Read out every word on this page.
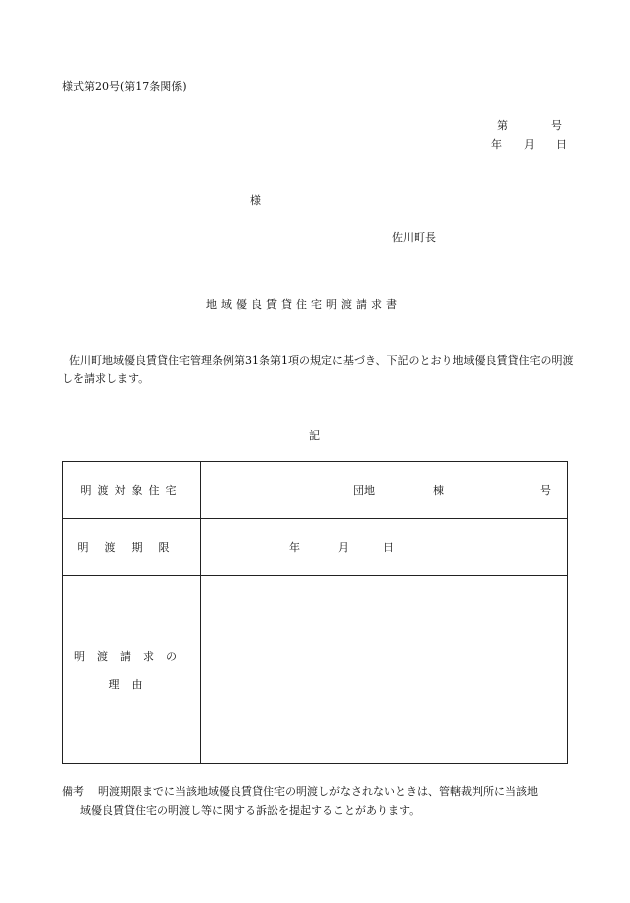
様式第20号(第17条関係)
第	号
年 月 日
様
佐川町長
地域優良賃貸住宅明渡請求書
佐川町地域優良賃貸住宅管理条例第31条第1項の規定に基づき、下記のとおり地域優良賃貸住宅の明渡しを請求します。
記
明渡対象住宅	団地 棟 号

明渡期限	年 月 日

明渡請求の
理由	

備考 明渡期限までに当該地域優良賃貸住宅の明渡しがなされないときは、管轄裁判所に当該地
域優良賃貸住宅の明渡し等に関する訴訟を提起することがあります。
